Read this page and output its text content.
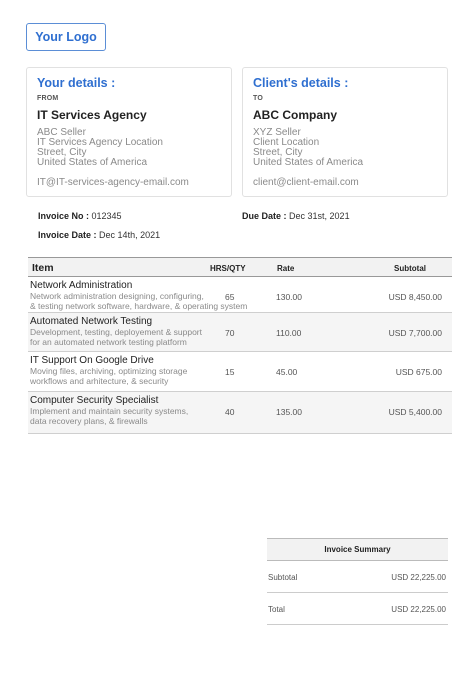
Your Logo
Your details :
FROM
IT Services Agency
ABC Seller
IT Services Agency Location
Street, City
United States of America
IT@IT-services-agency-email.com
Client's details :
TO
ABC Company
XYZ Seller
Client Location
Street, City
United States of America
client@client-email.com
Invoice No : 012345	Due Date : Dec 31st, 2021
Invoice Date : Dec 14th, 2021
Item	HRS/QTY	Rate	Subtotal
Network Administration
Network administration designing, configuring,
& testing network software, hardware, & operating system
65	130.00	USD 8,450.00
Automated Network Testing
Development, testing, deployement & support
for an automated network testing platform
70	110.00	USD 7,700.00
IT Support On Google Drive
Moving files, archiving, optimizing storage
workflows and arhitecture, & security
15	45.00	USD 675.00
Computer Security Specialist
Implement and maintain security systems,
data recovery plans, & firewalls
40	135.00	USD 5,400.00
Invoice Summary
Subtotal	USD 22,225.00
Total	USD 22,225.00
